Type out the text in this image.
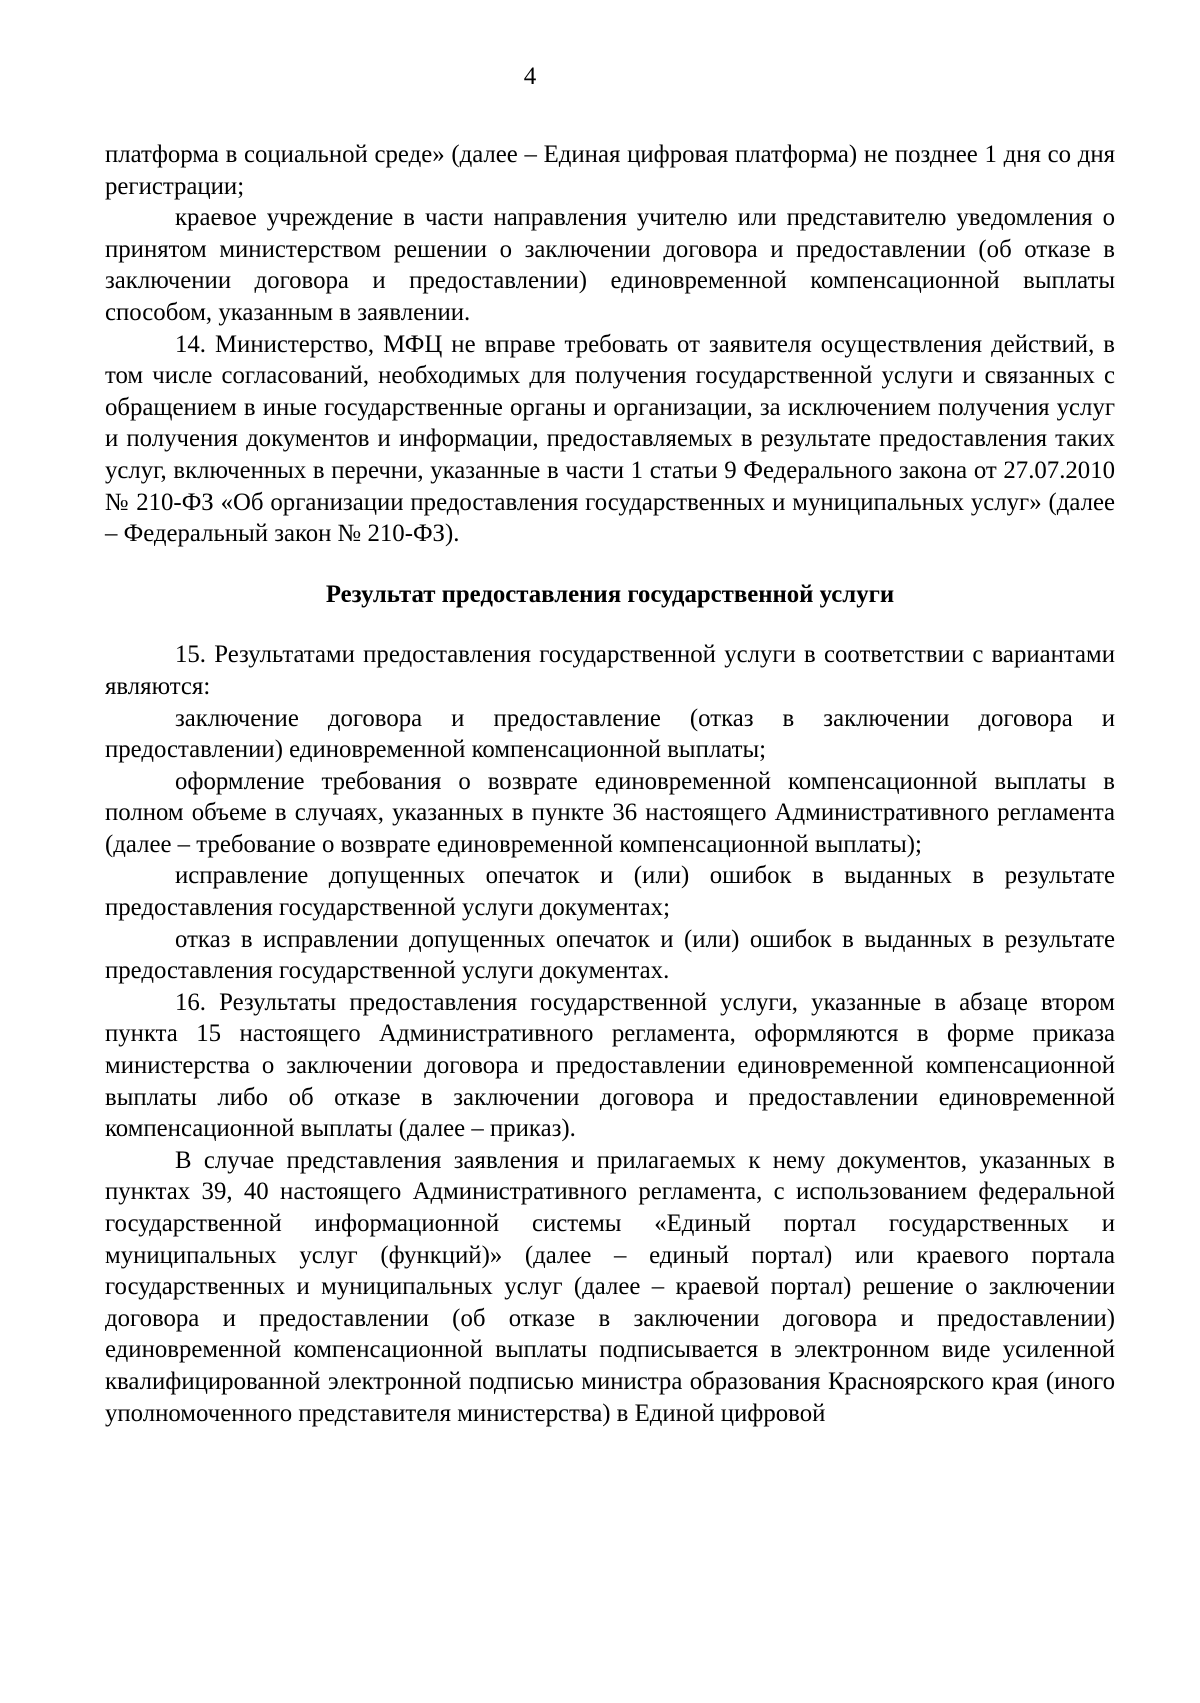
4

платформа в социальной среде» (далее – Единая цифровая платформа) не позднее 1 дня со дня регистрации;

краевое учреждение в части направления учителю или представителю уведомления о принятом министерством решении о заключении договора и предоставлении (об отказе в заключении договора и предоставлении) единовременной компенсационной выплаты способом, указанным в заявлении.

14. Министерство, МФЦ не вправе требовать от заявителя осуществления действий, в том числе согласований, необходимых для получения государственной услуги и связанных с обращением в иные государственные органы и организации, за исключением получения услуг и получения документов и информации, предоставляемых в результате предоставления таких услуг, включенных в перечни, указанные в части 1 статьи 9 Федерального закона от 27.07.2010 № 210-ФЗ «Об организации предоставления государственных и муниципальных услуг» (далее – Федеральный закон № 210-ФЗ).

Результат предоставления государственной услуги

15. Результатами предоставления государственной услуги в соответствии с вариантами являются:

заключение договора и предоставление (отказ в заключении договора и предоставлении) единовременной компенсационной выплаты;

оформление требования о возврате единовременной компенсационной выплаты в полном объеме в случаях, указанных в пункте 36 настоящего Административного регламента (далее – требование о возврате единовременной компенсационной выплаты);

исправление допущенных опечаток и (или) ошибок в выданных в результате предоставления государственной услуги документах;

отказ в исправлении допущенных опечаток и (или) ошибок в выданных в результате предоставления государственной услуги документах.

16. Результаты предоставления государственной услуги, указанные в абзаце втором пункта 15 настоящего Административного регламента, оформляются в форме приказа министерства о заключении договора и предоставлении единовременной компенсационной выплаты либо об отказе в заключении договора и предоставлении единовременной компенсационной выплаты (далее – приказ).

В случае представления заявления и прилагаемых к нему документов, указанных в пунктах 39, 40 настоящего Административного регламента, с использованием федеральной государственной информационной системы «Единый портал государственных и муниципальных услуг (функций)» (далее – единый портал) или краевого портала государственных и муниципальных услуг (далее – краевой портал) решение о заключении договора и предоставлении (об отказе в заключении договора и предоставлении) единовременной компенсационной выплаты подписывается в электронном виде усиленной квалифицированной электронной подписью министра образования Красноярского края (иного уполномоченного представителя министерства) в Единой цифровой
